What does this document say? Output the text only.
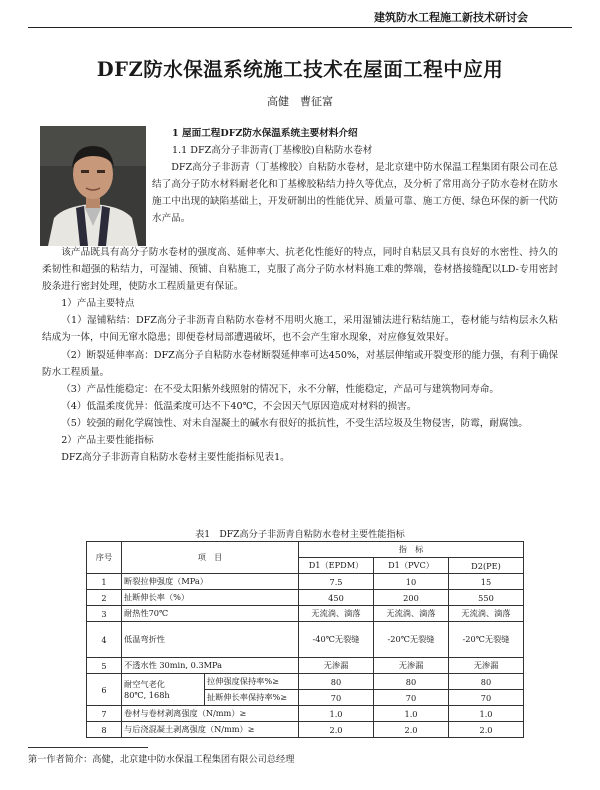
建筑防水工程施工新技术研讨会
DFZ防水保温系统施工技术在屋面工程中应用
高健　曹征富

1 屋面工程DFZ防水保温系统主要材料介绍

1.1 DFZ高分子非沥青(丁基橡胶)自粘防水卷材

DFZ高分子非沥青（丁基橡胶）自粘防水卷材，是北京建中防水保温工程集团有限公司在总结了高分子防水材料耐老化和丁基橡胶粘结力持久等优点，及分析了常用高分子防水卷材在防水施工中出现的缺陷基础上，开发研制出的性能优异、质量可靠、施工方便、绿色环保的新一代防水产品。

该产品既具有高分子防水卷材的强度高、延伸率大、抗老化性能好的特点，同时自粘层又具有良好的水密性、持久的柔韧性和超强的粘结力，可湿铺、预铺、自粘施工，克服了高分子防水材料施工难的弊端，卷材搭接缝配以LD-专用密封胶条进行密封处理，使防水工程质量更有保证。

1）产品主要特点

（1）湿铺粘结：DFZ高分子非沥青自粘防水卷材不用明火施工，采用湿铺法进行粘结施工，卷材能与结构层永久粘结成为一体，中间无窜水隐患；即便卷材局部遭遇破坏，也不会产生窜水现象，对应修复效果好。

（2）断裂延伸率高：DFZ高分子自粘防水卷材断裂延伸率可达450%，对基层伸缩或开裂变形的能力强，有利于确保防水工程质量。

（3）产品性能稳定：在不受太阳紫外线照射的情况下，永不分解，性能稳定，产品可与建筑物同寿命。

（4）低温柔度优异：低温柔度可达不下40℃，不会因天气原因造成对材料的损害。

（5）较强的耐化学腐蚀性、对未自湿凝土的碱水有很好的抵抗性，不受生活垃圾及生物侵害，防霉，耐腐蚀。

2）产品主要性能指标

DFZ高分子非沥青自粘防水卷材主要性能指标见表1。

表1　DFZ高分子非沥青自粘防水卷材主要性能指标
序号	项　目		指　标		
			D1（EPDM）	D1（PVC）	D2(PE)
1	断裂拉伸强度（MPa）		7.5	10	15
2	扯断伸长率（%）		450	200	550
3	耐热性70℃		无流淌、滴落	无流淌、滴落	无流淌、滴落
4	低温弯折性		-40℃无裂缝	-20℃无裂缝	-20℃无裂缝
5	不透水性 30min, 0.3MPa		无渗漏	无渗漏	无渗漏
6	耐空气老化
80℃, 168h	拉伸强度保持率%≥	80	80	80
		扯断伸长率保持率%≥	70	70	70
7	卷材与卷材剥离强度（N/mm）≥		1.0	1.0	1.0
8	与后浇混凝土剥离强度（N/mm）≥		2.0	2.0	2.0
第一作者简介：高健，北京建中防水保温工程集团有限公司总经理
